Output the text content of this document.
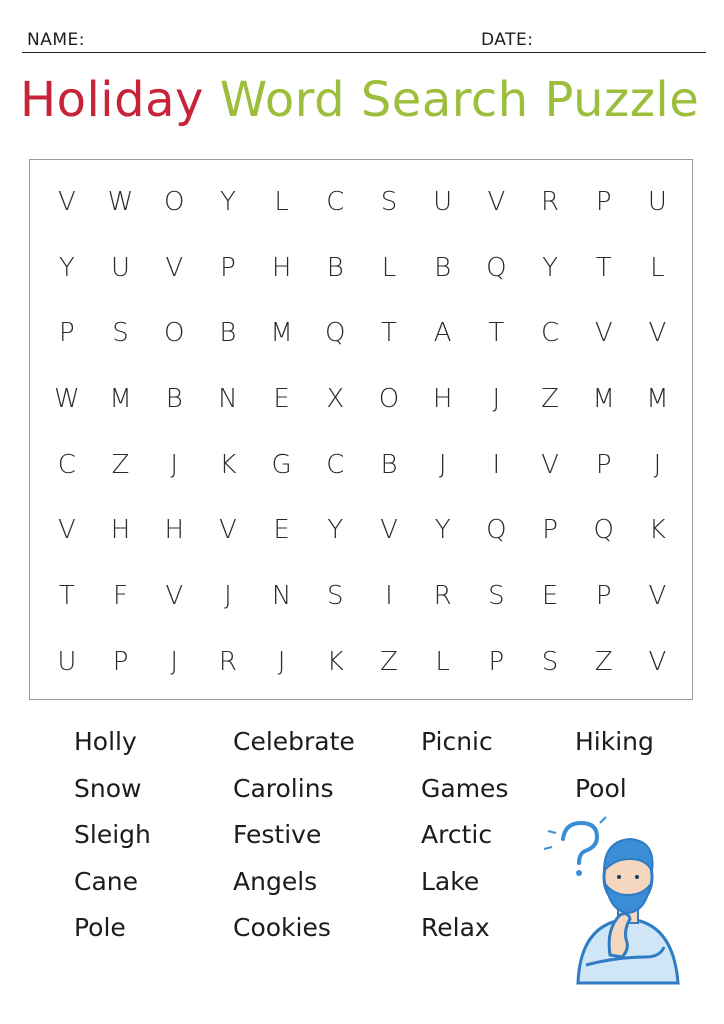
NAME:	DATE:
Holiday Word Search Puzzle
V	W	O	Y	L	C	S	U	V	R	P	U
Y	U	V	P	H	B	L	B	Q	Y	T	L
P	S	O	B	M	Q	T	A	T	C	V	V
W	M	B	N	E	X	O	H	J	Z	M	M
C	Z	J	K	G	C	B	J	I	V	P	J
V	H	H	V	E	Y	V	Y	Q	P	Q	K
T	F	V	J	N	S	I	R	S	E	P	V
U	P	J	R	J	K	Z	L	P	S	Z	V
Holly
Snow
Sleigh
Cane
Pole
Celebrate
Carolins
Festive
Angels
Cookies
Picnic
Games
Arctic
Lake
Relax
Hiking
Pool
